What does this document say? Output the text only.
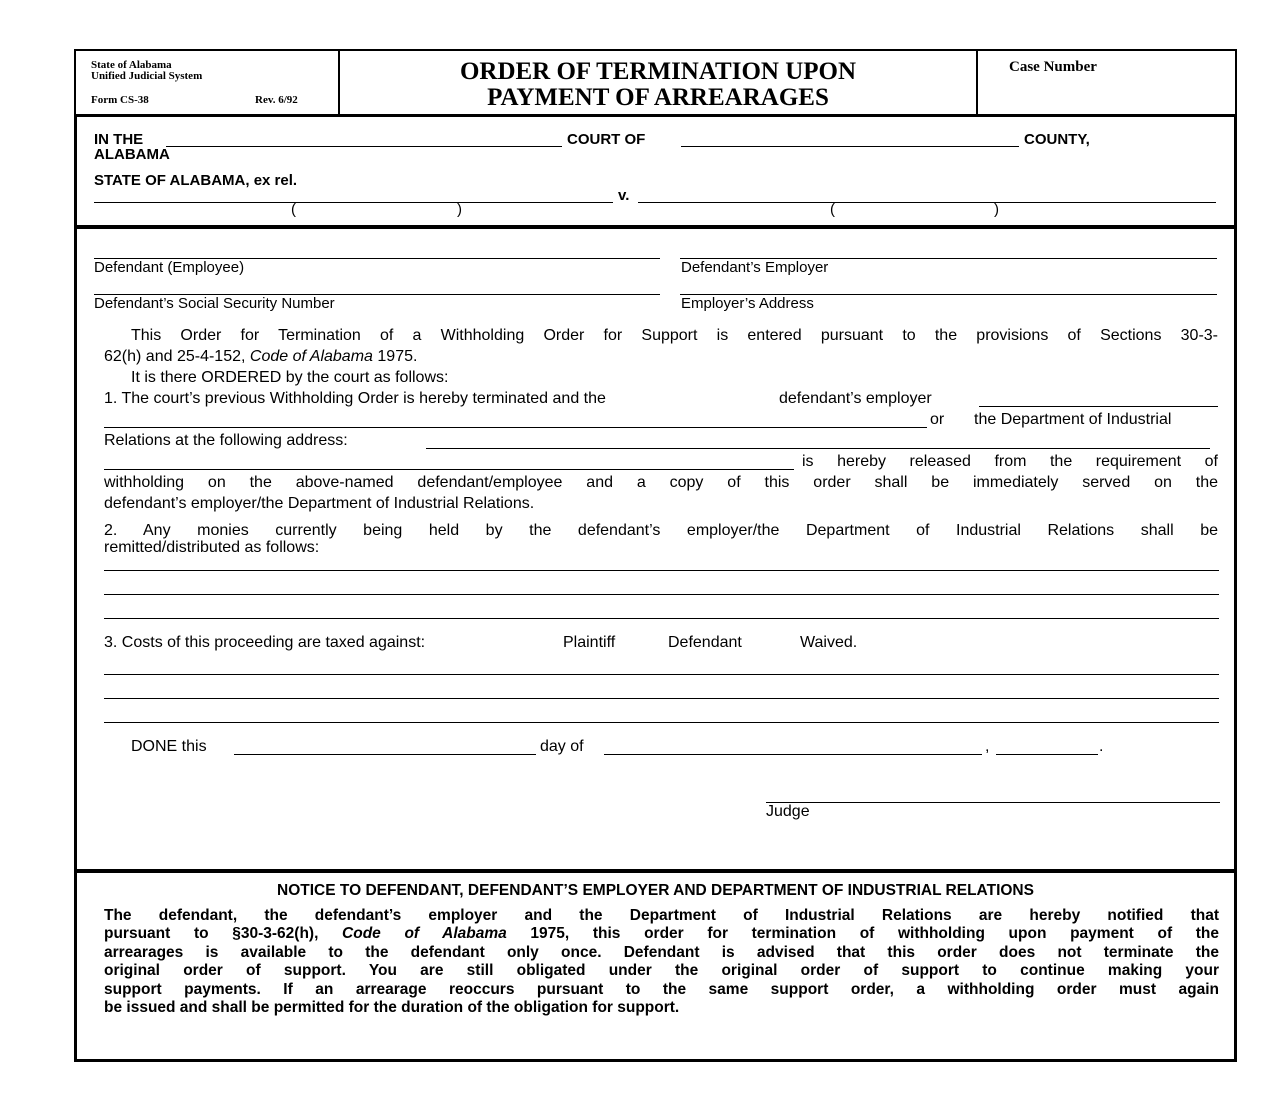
State of Alabama
Unified Judicial System
Form CS-38	Rev. 6/92
ORDER OF TERMINATION UPON
PAYMENT OF ARREARAGES
Case Number
IN THE	COURT OF	COUNTY,
ALABAMA
STATE OF ALABAMA, ex rel.
v.
(	)	(	)
Defendant (Employee)	Defendant’s Employer
Defendant’s Social Security Number	Employer’s Address
This Order for Termination of a Withholding Order for Support is entered pursuant to the provisions of Sections 30-3-
62(h) and 25-4-152, Code of Alabama 1975.
It is there ORDERED by the court as follows:
1. The court’s previous Withholding Order is hereby terminated and the	defendant’s employer
or the Department of Industrial
Relations at the following address:
is hereby released from the requirement of
withholding on the above-named defendant/employee and a copy of this order shall be immediately served on the
defendant’s employer/the Department of Industrial Relations.
2. Any monies currently being held by the defendant’s employer/the Department of Industrial Relations shall be
remitted/distributed as follows:
3. Costs of this proceeding are taxed against:	Plaintiff	Defendant	Waived.
DONE this	day of	,	.
Judge
NOTICE TO DEFENDANT, DEFENDANT’S EMPLOYER AND DEPARTMENT OF INDUSTRIAL RELATIONS
The defendant, the defendant’s employer and the Department of Industrial Relations are hereby notified that
pursuant to §30-3-62(h), Code of Alabama 1975, this order for termination of withholding upon payment of the
arrearages is available to the defendant only once. Defendant is advised that this order does not terminate the
original order of support. You are still obligated under the original order of support to continue making your
support payments. If an arrearage reoccurs pursuant to the same support order, a withholding order must again
be issued and shall be permitted for the duration of the obligation for support.
